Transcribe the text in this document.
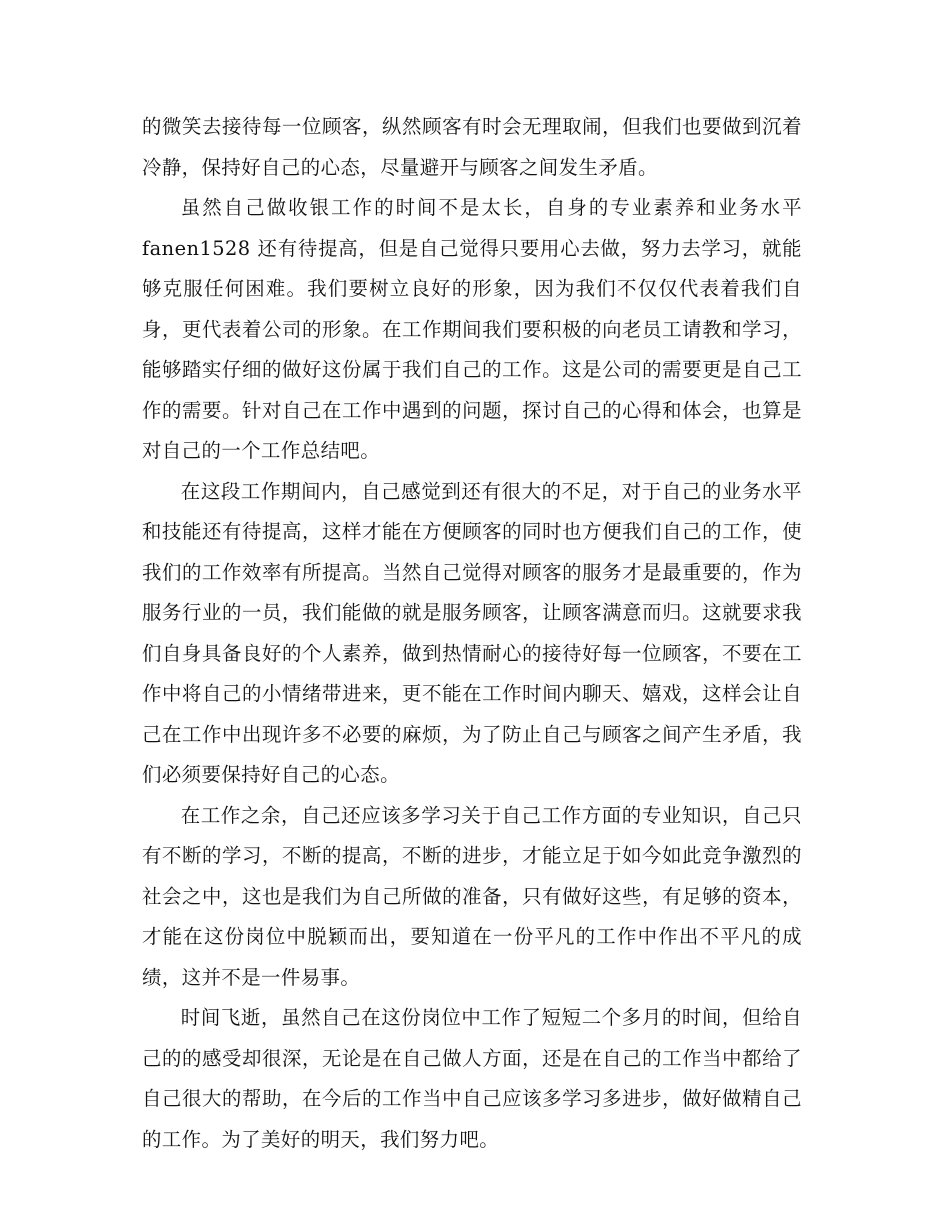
的微笑去接待每一位顾客，纵然顾客有时会无理取闹，但我们也要做到沉着冷静，保持好自己的心态，尽量避开与顾客之间发生矛盾。

虽然自己做收银工作的时间不是太长，自身的专业素养和业务水平 fanen1528 还有待提高，但是自己觉得只要用心去做，努力去学习，就能够克服任何困难。我们要树立良好的形象，因为我们不仅仅代表着我们自身，更代表着公司的形象。在工作期间我们要积极的向老员工请教和学习，能够踏实仔细的做好这份属于我们自己的工作。这是公司的需要更是自己工作的需要。针对自己在工作中遇到的问题，探讨自己的心得和体会，也算是对自己的一个工作总结吧。

在这段工作期间内，自己感觉到还有很大的不足，对于自己的业务水平和技能还有待提高，这样才能在方便顾客的同时也方便我们自己的工作，使我们的工作效率有所提高。当然自己觉得对顾客的服务才是最重要的，作为服务行业的一员，我们能做的就是服务顾客，让顾客满意而归。这就要求我们自身具备良好的个人素养，做到热情耐心的接待好每一位顾客，不要在工作中将自己的小情绪带进来，更不能在工作时间内聊天、嬉戏，这样会让自己在工作中出现许多不必要的麻烦，为了防止自己与顾客之间产生矛盾，我们必须要保持好自己的心态。

在工作之余，自己还应该多学习关于自己工作方面的专业知识，自己只有不断的学习，不断的提高，不断的进步，才能立足于如今如此竞争激烈的社会之中，这也是我们为自己所做的准备，只有做好这些，有足够的资本，才能在这份岗位中脱颖而出，要知道在一份平凡的工作中作出不平凡的成绩，这并不是一件易事。

时间飞逝，虽然自己在这份岗位中工作了短短二个多月的时间，但给自己的的感受却很深，无论是在自己做人方面，还是在自己的工作当中都给了自己很大的帮助，在今后的工作当中自己应该多学习多进步，做好做精自己的工作。为了美好的明天，我们努力吧。
